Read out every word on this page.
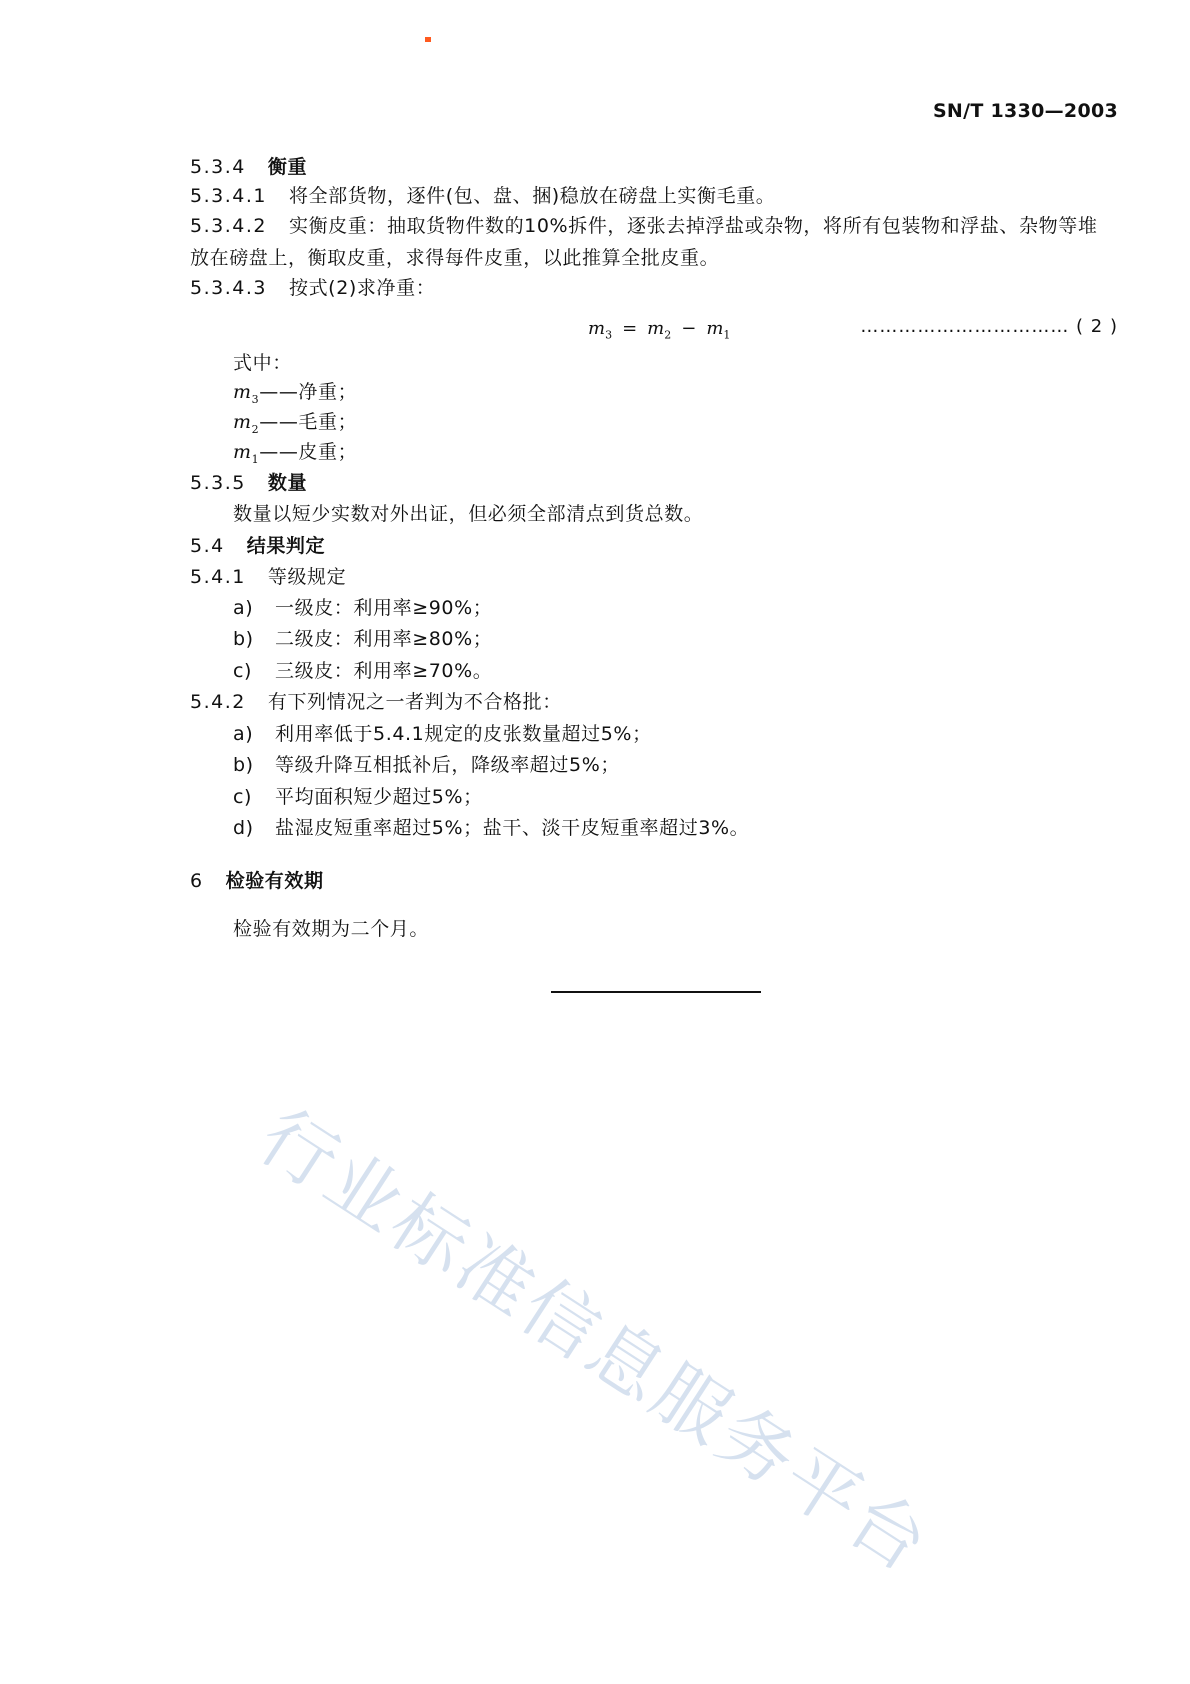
SN/T 1330—2003
5.3.4 衡重
5.3.4.1 将全部货物，逐件(包、盘、捆)稳放在磅盘上实衡毛重。
5.3.4.2 实衡皮重：抽取货物件数的10%拆件，逐张去掉浮盐或杂物，将所有包装物和浮盐、杂物等堆
放在磅盘上，衡取皮重，求得每件皮重，以此推算全批皮重。
5.3.4.3 按式(2)求净重：
$m_3 = m_2 - m_1$	…………………………… ( 2 )
式中：
$m_3——$净重；
$m_2——$毛重；
$m_1——$皮重；
5.3.5 数量
数量以短少实数对外出证，但必须全部清点到货总数。
5.4 结果判定
5.4.1 等级规定
a) 一级皮：利用率≥90%；
b) 二级皮：利用率≥80%；
c) 三级皮：利用率≥70%。
5.4.2 有下列情况之一者判为不合格批：
a) 利用率低于5.4.1规定的皮张数量超过5%；
b) 等级升降互相抵补后，降级率超过5%；
c) 平均面积短少超过5%；
d) 盐湿皮短重率超过5%；盐干、淡干皮短重率超过3%。
6 检验有效期
检验有效期为二个月。
行业标准信息服务平台
